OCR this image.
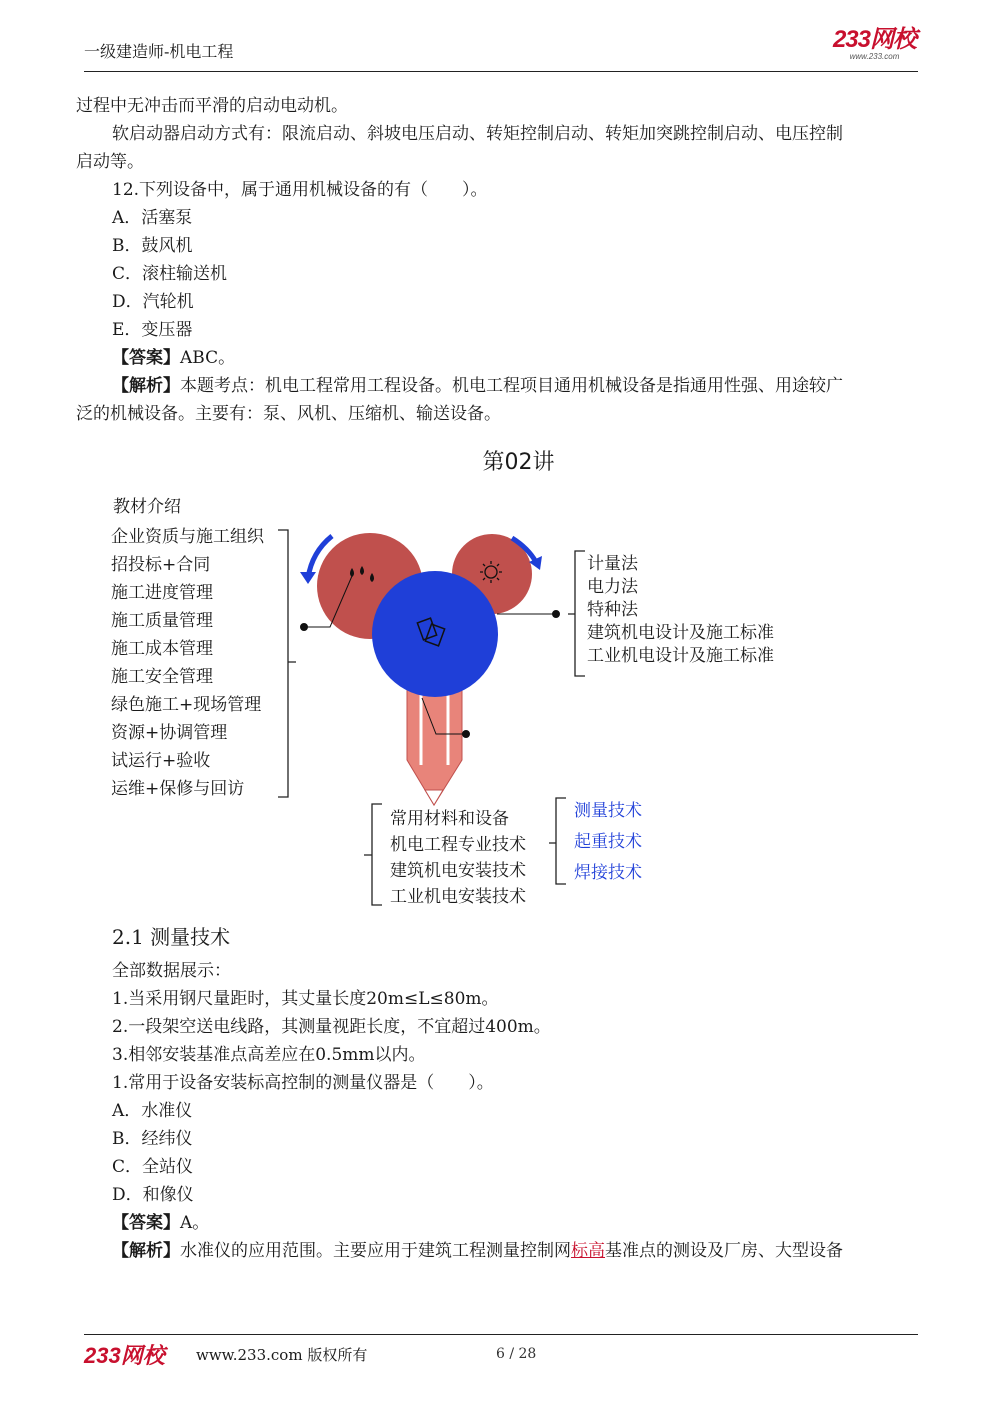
一级建造师-机电工程	233网校
www.233.com
过程中无冲击而平滑的启动电动机。
软启动器启动方式有：限流启动、斜坡电压启动、转矩控制启动、转矩加突跳控制启动、电压控制
启动等。
12.下列设备中，属于通用机械设备的有（　　）。
A．活塞泵
B．鼓风机
C．滚柱输送机
D．汽轮机
E．变压器
【答案】ABC。
【解析】本题考点：机电工程常用工程设备。机电工程项目通用机械设备是指通用性强、用途较广
泛的机械设备。主要有：泵、风机、压缩机、输送设备。
第02讲
教材介绍
企业资质与施工组织
招投标+合同
施工进度管理
施工质量管理
施工成本管理
施工安全管理
绿色施工+现场管理
资源+协调管理
试运行+验收
运维+保修与回访
计量法
电力法
特种法
建筑机电设计及施工标准
工业机电设计及施工标准
常用材料和设备
机电工程专业技术
建筑机电安装技术
工业机电安装技术
测量技术
起重技术
焊接技术
2.1 测量技术
全部数据展示：
1.当采用钢尺量距时，其丈量长度20m≤L≤80m。
2.一段架空送电线路，其测量视距长度，不宜超过400m。
3.相邻安装基准点高差应在0.5mm以内。
1.常用于设备安装标高控制的测量仪器是（　　）。
A．水准仪
B．经纬仪
C．全站仪
D．和像仪
【答案】A。
【解析】水准仪的应用范围。主要应用于建筑工程测量控制网标高基准点的测设及厂房、大型设备
233网校 www.233.com 版权所有	6 / 28
